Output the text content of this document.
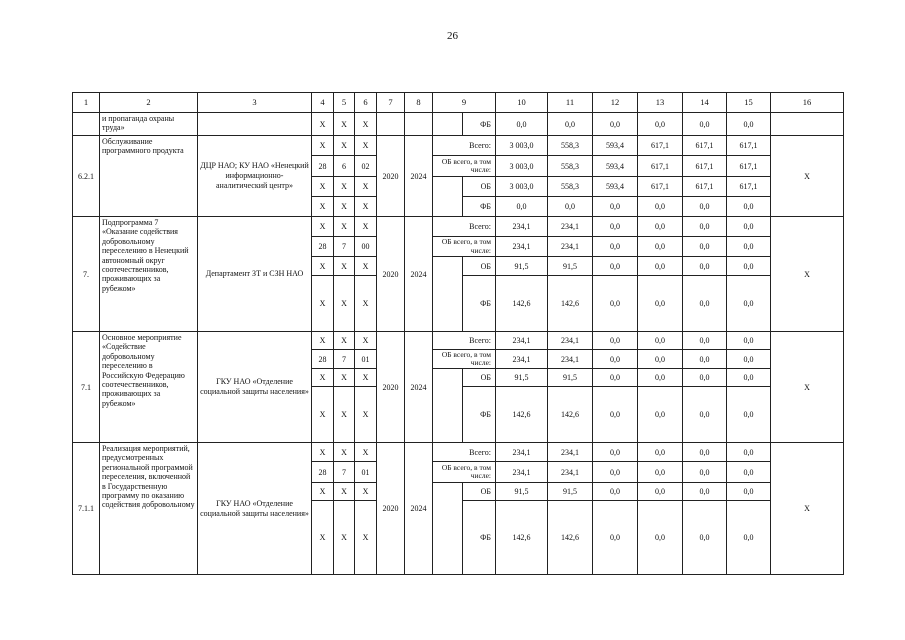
26
1	2	3	4	5	6	7	8	9		10	11	12	13	14	15	16
	и пропаганда охраны труда»		Х	Х	Х				ФБ	0,0	0,0	0,0	0,0	0,0	0,0	
6.2.1	Обслуживание программного продукта	ДЦР НАО; КУ НАО «Ненецкий информационно-аналитический центр»	Х	Х	Х	2020	2024	Всего:		3 003,0	558,3	593,4	617,1	617,1	617,1	Х
			28	6	02			ОБ всего, в том числе:		3 003,0	558,3	593,4	617,1	617,1	617,1	
			Х	Х	Х				ОБ	3 003,0	558,3	593,4	617,1	617,1	617,1	
			Х	Х	Х				ФБ	0,0	0,0	0,0	0,0	0,0	0,0	
7.	Подпрограмма 7 «Оказание содействия добровольному переселению в Ненецкий автономный округ соотечественников, проживающих за рубежом»	Департамент ЗТ и СЗН НАО	Х	Х	Х	2020	2024	Всего:		234,1	234,1	0,0	0,0	0,0	0,0	Х
			28	7	00			ОБ всего, в том числе:		234,1	234,1	0,0	0,0	0,0	0,0	
			Х	Х	Х				ОБ	91,5	91,5	0,0	0,0	0,0	0,0	
			Х	Х	Х				ФБ	142,6	142,6	0,0	0,0	0,0	0,0	
7.1	Основное мероприятие «Содействие добровольному переселению в Российскую Федерацию соотечественников, проживающих за рубежом»	ГКУ НАО «Отделение социальной защиты населения»	Х	Х	Х	2020	2024	Всего:		234,1	234,1	0,0	0,0	0,0	0,0	Х
			28	7	01			ОБ всего, в том числе:		234,1	234,1	0,0	0,0	0,0	0,0	
			Х	Х	Х				ОБ	91,5	91,5	0,0	0,0	0,0	0,0	
			Х	Х	Х				ФБ	142,6	142,6	0,0	0,0	0,0	0,0	
7.1.1	Реализация мероприятий, предусмотренных региональной программой переселения, включенной в Государственную программу по оказанию содействия добровольному	ГКУ НАО «Отделение социальной защиты населения»	Х	Х	Х	2020	2024	Всего:		234,1	234,1	0,0	0,0	0,0	0,0	Х
			28	7	01			ОБ всего, в том числе:		234,1	234,1	0,0	0,0	0,0	0,0	
			Х	Х	Х				ОБ	91,5	91,5	0,0	0,0	0,0	0,0	
			Х	Х	Х				ФБ	142,6	142,6	0,0	0,0	0,0	0,0	
